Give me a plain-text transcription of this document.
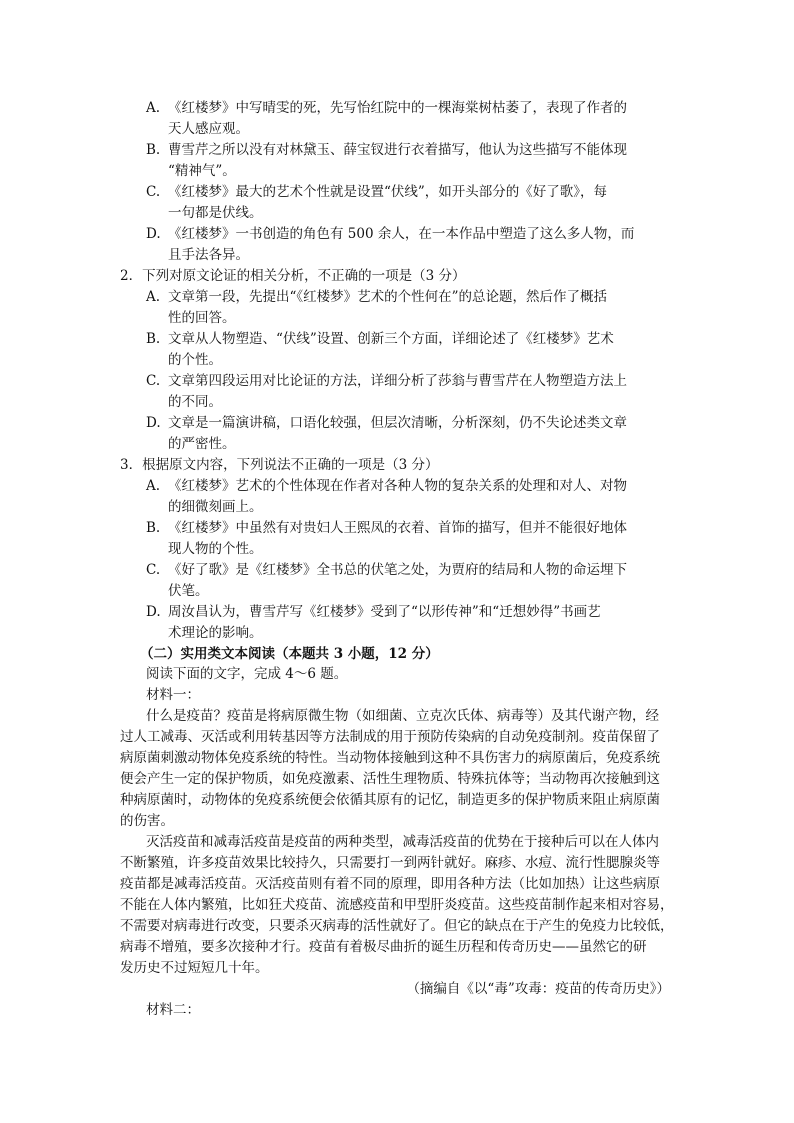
A. 《红楼梦》中写晴雯的死，先写怡红院中的一棵海棠树枯萎了，表现了作者的
天人感应观。
B. 曹雪芹之所以没有对林黛玉、薛宝钗进行衣着描写，他认为这些描写不能体现
“精神气”。
C. 《红楼梦》最大的艺术个性就是设置“伏线”，如开头部分的《好了歌》，每
一句都是伏线。
D. 《红楼梦》一书创造的角色有 500 余人，在一本作品中塑造了这么多人物，而
且手法各异。
2．下列对原文论证的相关分析，不正确的一项是（3 分）
A. 文章第一段，先提出“《红楼梦》艺术的个性何在”的总论题，然后作了概括
性的回答。
B. 文章从人物塑造、“伏线”设置、创新三个方面，详细论述了《红楼梦》艺术
的个性。
C. 文章第四段运用对比论证的方法，详细分析了莎翁与曹雪芹在人物塑造方法上
的不同。
D. 文章是一篇演讲稿，口语化较强，但层次清晰，分析深刻，仍不失论述类文章
的严密性。
3．根据原文内容，下列说法不正确的一项是（3 分）
A. 《红楼梦》艺术的个性体现在作者对各种人物的复杂关系的处理和对人、对物
的细微刻画上。
B. 《红楼梦》中虽然有对贵妇人王熙凤的衣着、首饰的描写，但并不能很好地体
现人物的个性。
C. 《好了歌》是《红楼梦》全书总的伏笔之处，为贾府的结局和人物的命运埋下
伏笔。
D. 周汝昌认为，曹雪芹写《红楼梦》受到了“以形传神”和“迁想妙得”书画艺
术理论的影响。
（二）实用类文本阅读（本题共 3 小题，12 分）
阅读下面的文字，完成 4～6 题。
材料一：
什么是疫苗？疫苗是将病原微生物（如细菌、立克次氏体、病毒等）及其代谢产物，经
过人工减毒、灭活或利用转基因等方法制成的用于预防传染病的自动免疫制剂。疫苗保留了
病原菌刺激动物体免疫系统的特性。当动物体接触到这种不具伤害力的病原菌后，免疫系统
便会产生一定的保护物质，如免疫激素、活性生理物质、特殊抗体等；当动物再次接触到这
种病原菌时，动物体的免疫系统便会依循其原有的记忆，制造更多的保护物质来阻止病原菌
的伤害。
灭活疫苗和减毒活疫苗是疫苗的两种类型，减毒活疫苗的优势在于接种后可以在人体内
不断繁殖，许多疫苗效果比较持久，只需要打一到两针就好。麻疹、水痘、流行性腮腺炎等
疫苗都是减毒活疫苗。灭活疫苗则有着不同的原理，即用各种方法（比如加热）让这些病原
不能在人体内繁殖，比如狂犬疫苗、流感疫苗和甲型肝炎疫苗。这些疫苗制作起来相对容易，
不需要对病毒进行改变，只要杀灭病毒的活性就好了。但它的缺点在于产生的免疫力比较低，
病毒不增殖，要多次接种才行。疫苗有着极尽曲折的诞生历程和传奇历史——虽然它的研
发历史不过短短几十年。
（摘编自《以“毒”攻毒：疫苗的传奇历史》）
材料二：
